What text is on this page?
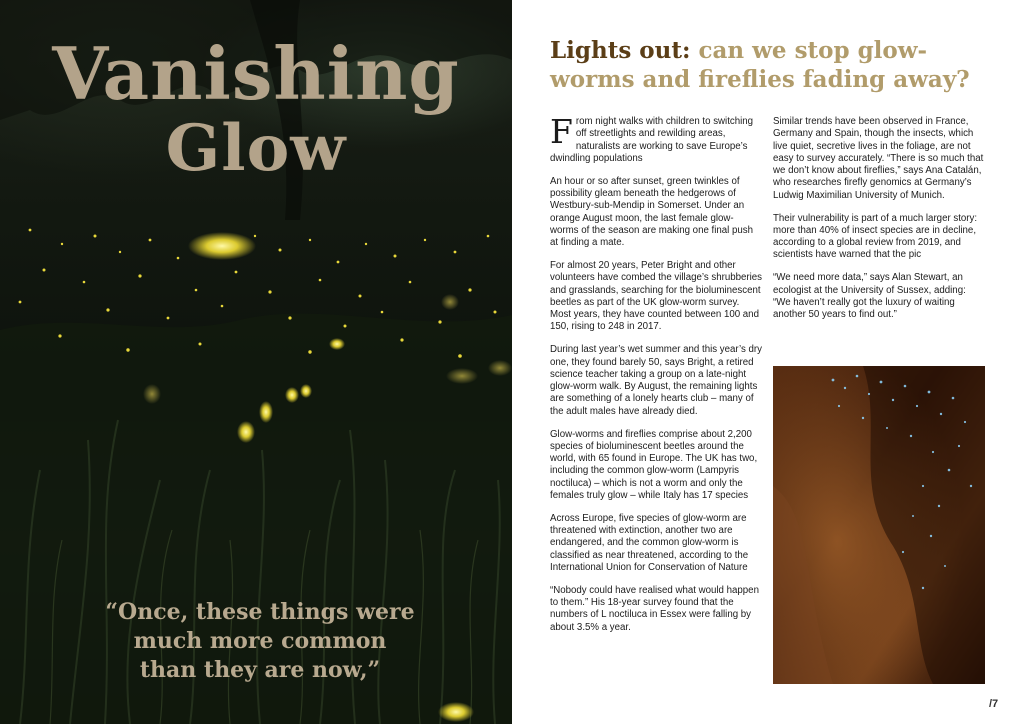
Vanishing
Glow
“Once, these things were
much more common
than they are now,”
Lights out: can we stop glow-worms and fireflies fading away?

From night walks with children to switching off streetlights and rewilding areas, naturalists are working to save Europe’s dwindling populations

An hour or so after sunset, green twinkles of possibility gleam beneath the hedgerows of Westbury-sub-Mendip in Somerset. Under an orange August moon, the last female glow-worms of the season are making one final push at finding a mate.

For almost 20 years, Peter Bright and other volunteers have combed the village’s shrubberies and grasslands, searching for the bioluminescent beetles as part of the UK glow-worm survey. Most years, they have counted between 100 and 150, rising to 248 in 2017.

During last year’s wet summer and this year’s dry one, they found barely 50, says Bright, a retired science teacher taking a group on a late-night glow-worm walk. By August, the remaining lights are something of a lonely hearts club – many of the adult males have already died.

Glow-worms and fireflies comprise about 2,200 species of bioluminescent beetles around the world, with 65 found in Europe. The UK has two, including the common glow-worm (Lampyris noctiluca) – which is not a worm and only the females truly glow – while Italy has 17 species

Across Europe, five species of glow-worm are threatened with extinction, another two are endangered, and the common glow-worm is classified as near threatened, according to the International Union for Conservation of Nature

“Nobody could have realised what would happen to them.” His 18-year survey found that the numbers of L noctiluca in Essex were falling by about 3.5% a year.

Similar trends have been observed in France, Germany and Spain, though the insects, which live quiet, secretive lives in the foliage, are not easy to survey accurately. “There is so much that we don’t know about fireflies,” says Ana Catalán, who researches firefly genomics at Germany’s Ludwig Maximilian University of Munich.

Their vulnerability is part of a much larger story: more than 40% of insect species are in decline, according to a global review from 2019, and scientists have warned that the pic

“We need more data,” says Alan Stewart, an ecologist at the University of Sussex, adding: “We haven’t really got the luxury of waiting another 50 years to find out.”

/7
